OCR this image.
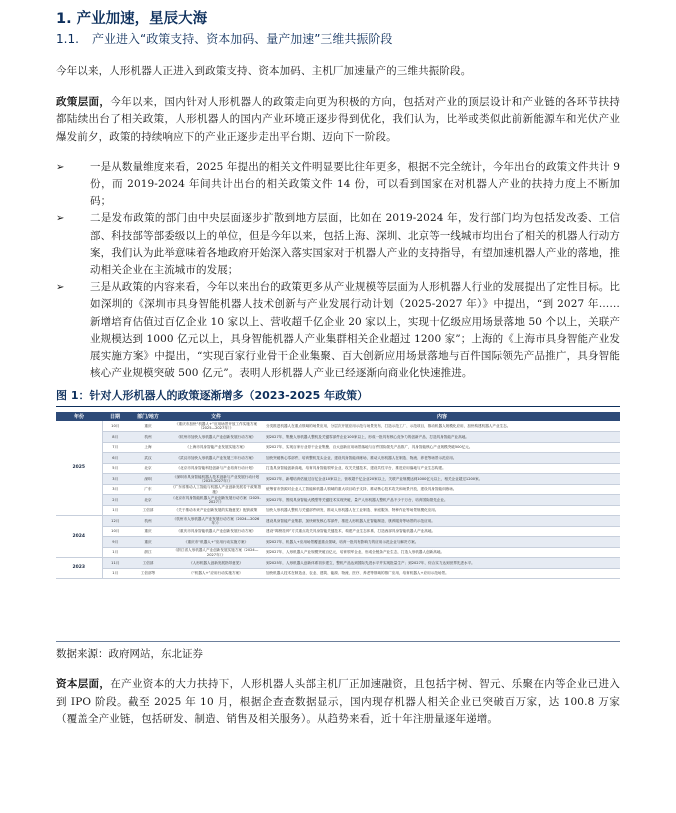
1. 产业加速，星辰大海
1.1.	产业进入“政策支持、资本加码、量产加速”三维共振阶段

今年以来，人形机器人正进入到政策支持、资本加码、主机厂加速量产的三维共振阶段。

政策层面，今年以来，国内针对人形机器人的政策走向更为积极的方向，包括对产业的顶层设计和产业链的各环节扶持都陆续出台了相关政策，人形机器人的国内产业环境正逐步得到优化，我们认为，比举或类似此前新能源车和光伏产业爆发前夕，政策的持续响应下的产业正逐步走出平台期、迈向下一阶段。

➢ 一是从数量维度来看，2025 年提出的相关文件明显要比往年更多，根据不完全统计，今年出台的政策文件共计 9 份，而 2019-2024 年间共计出台的相关政策文件 14 份，可以看到国家在对机器人产业的扶持力度上不断加码；
➢ 二是发布政策的部门由中央层面逐步扩散到地方层面，比如在 2019-2024 年，发行部门均为包括发改委、工信部、科技部等部委级以上的单位，但是今年以来，包括上海、深圳、北京等一线城市均出台了相关的机器人行动方案，我们认为此举意味着各地政府开始深入落实国家对于机器人产业的支持指导，有望加速机器人产业的落地，推动相关企业在主流城市的发展；
➢ 三是从政策的内容来看，今年以来出台的政策更多从产业规模等层面为人形机器人行业的发展提出了定性目标。比如深圳的《深圳市具身智能机器人技术创新与产业发展行动计划（2025-2027 年）》中提出，“到 2027 年……新增培育估值过百亿企业 10 家以上、营收超千亿企业 20 家以上，实现十亿级应用场景落地 50 个以上，关联产业规模达到 1000 亿元以上，具身智能机器人产业集群相关企业超过 1200 家”；上海的《上海市具身智能产业发展实施方案》中提出，“实现百家行业骨干企业集聚、百大创新应用场景落地与百件国际领先产品推广，具身智能核心产业规模突破 500 亿元”。表明人形机器人产业已经逐渐向商业化快速推进。
图 1：针对人形机器人的政策逐渐增多（2023-2025 年政策）
年份	日期	部门/地方	文件	内容
2025	10月	重庆	《重庆市加快“机器人+”应用场景开放工作实施方案（2025—2027年）》	分类推进机器人在重点领域的场景应用，分层次开展应用示范与场景发布，打造示范工厂、示范项目，推动机器人规模化应用，加快构建机器人产业生态。
	8月	杭州	《杭州市加快人形机器人产业创新发展行动方案》	到2027年，集聚人形机器人整机及关键零部件企业100家以上，形成一批具有核心竞争力的创新产品，打造具身智能产业高地。
	7月	上海	《上海市具身智能产业发展实施方案》	到2027年，实现百家行业骨干企业集聚、百大创新应用场景落地与百件国际领先产品推广，具身智能核心产业规模突破500亿元。
	6月	武汉	《武汉市加快人形机器人产业发展三年行动方案》	加快突破核心零部件，培育整机龙头企业，建设具身智能训练场，推动人形机器人在制造、物流、养老等场景示范应用。
	5月	北京	《北京市具身智能科技创新与产业培育行动计划》	打造具身智能创新高地，培育具身智能领军企业，攻关关键技术，建设共性平台，推进应用落地与产业生态构建。
	3月	深圳	《深圳市具身智能机器人技术创新与产业发展行动计划（2025-2027年）》	到2027年，新增培育估值过百亿企业10家以上、营收超千亿企业20家以上，关联产业规模达到1000亿元以上，相关企业超过1200家。
	3月	广东	《广东省推动人工智能与机器人产业创新发展若干政策措施》	统筹省市资源对企业人工智能和机器人领域的重大项目给予支持，推动核心技术攻关和场景开放，建设具身智能训练场。
	2月	北京	《北京市具身智能机器人产业创新发展行动方案（2025-2027）》	到2027年，围绕具身智能大模型等关键技术实现突破，量产人形机器人整机产品不少于万台，培育国际领先企业。
	1月	工信部	《关于推动未来产业创新发展的实施意见》配套政策	加快人形机器人整机与关键部件研发，推动人形机器人在工业制造、家庭服务、特种作业等场景规模化应用。
2024	12月	杭州	《杭州市人形机器人产业发展行动方案（2024—2026年）》	建设具身智能产业集群，加快研发核心零部件，推进人形机器人在智能制造、康养服务等场景的示范应用。
	10月	重庆	《重庆市具身智能机器人产业创新发展行动方案》	建设“揭榜挂帅”方式重点攻关具身智能关键技术，构建产业生态体系，打造西部具身智能机器人产业高地。
	9月	重庆	《重庆市“机器人+”应用行动实施方案》	到2027年，机器人+应用场景覆盖重点领域，培育一批具有影响力的应用示范企业与解决方案。
	1月	浙江	《浙江省人形机器人产业创新发展实施方案（2024—2027年）》	到2027年，人形机器人产业规模突破百亿元，培育领军企业，形成全链条产业生态，打造人形机器人创新高地。
2023	11月	工信部	《人形机器人创新发展指导意见》	到2025年，人形机器人创新体系初步建立，整机产品达到国际先进水平并实现批量生产；到2027年，综合实力达到世界先进水平。
	1月	工信部等	《“机器人+”应用行动实施方案》	加快机器人技术在制造业、农业、建筑、能源、物流、医疗、养老等领域的推广应用，培育机器人+应用示范场景。
数据来源：政府网站，东北证券

资本层面，在产业资本的大力扶持下，人形机器人头部主机厂正加速融资，且包括宇树、智元、乐聚在内等企业已进入到 IPO 阶段。截至 2025 年 10 月，根据企查查数据显示，国内现存机器人相关企业已突破百万家，达 100.8 万家（覆盖全产业链，包括研发、制造、销售及相关服务）。从趋势来看，近十年注册量逐年递增。
